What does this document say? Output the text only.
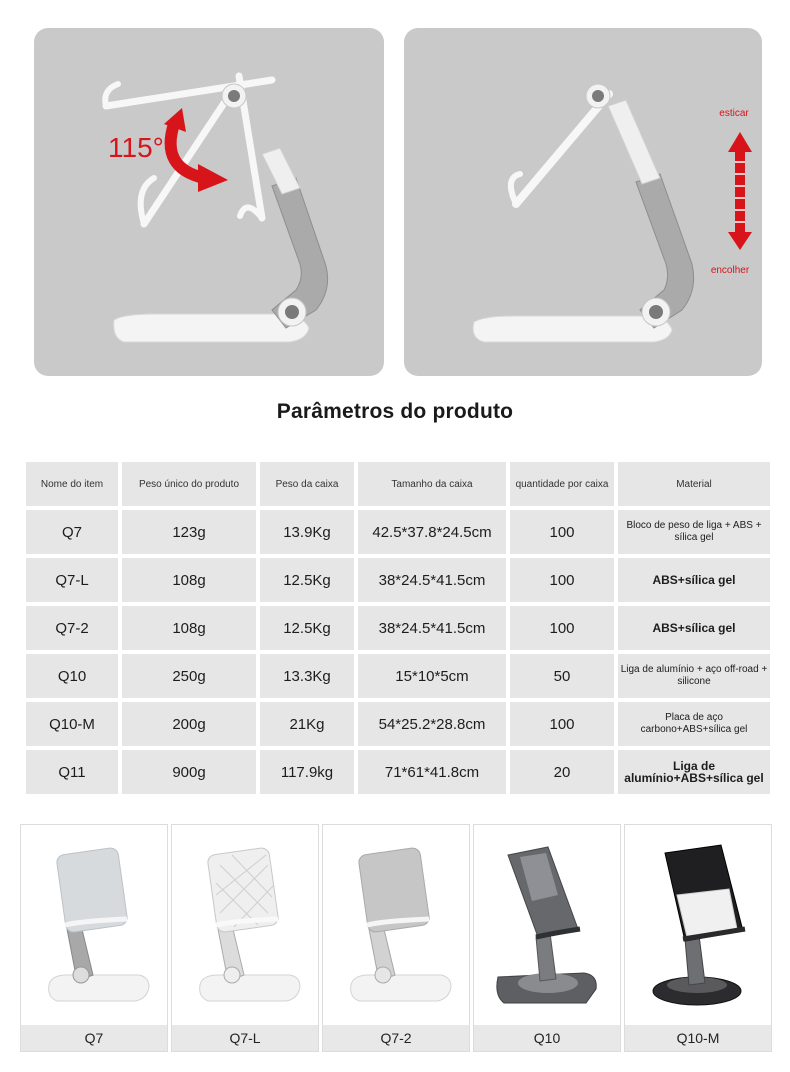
115°
esticar
encolher
Parâmetros do produto
Nome do item	Peso único do produto	Peso da caixa	Tamanho da caixa	quantidade por caixa	Material
Q7	123g	13.9Kg	42.5*37.8*24.5cm	100	Bloco de peso de liga + ABS + sílica gel
Q7-L	108g	12.5Kg	38*24.5*41.5cm	100	ABS+sílica gel
Q7-2	108g	12.5Kg	38*24.5*41.5cm	100	ABS+sílica gel
Q10	250g	13.3Kg	15*10*5cm	50	Liga de alumínio + aço off-road + silicone
Q10-M	200g	21Kg	54*25.2*28.8cm	100	Placa de aço carbono+ABS+sílica gel
Q11	900g	117.9kg	71*61*41.8cm	20	Liga de alumínio+ABS+sílica gel
Q7	Q7-L	Q7-2	Q10	Q10-M
